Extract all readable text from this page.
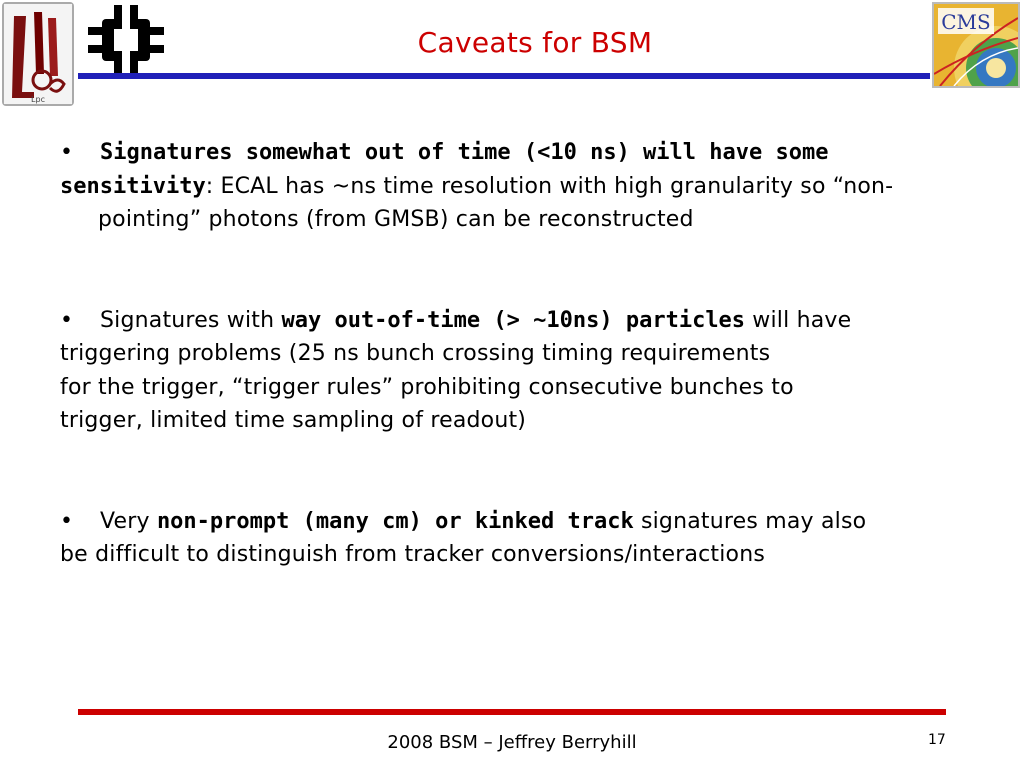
Lpc
CMS
Caveats for BSM

• Signatures somewhat out of time (<10 ns) will have some
sensitivity: ECAL has ~ns time resolution with high granularity so “non-
pointing” photons (from GMSB) can be reconstructed

• Signatures with way out-of-time (> ~10ns) particles will have
triggering problems (25 ns bunch crossing timing requirements
for the trigger, “trigger rules” prohibiting consecutive bunches to
trigger, limited time sampling of readout)

• Very non-prompt (many cm) or kinked track signatures may also
be difficult to distinguish from tracker conversions/interactions

2008 BSM – Jeffrey Berryhill	17
